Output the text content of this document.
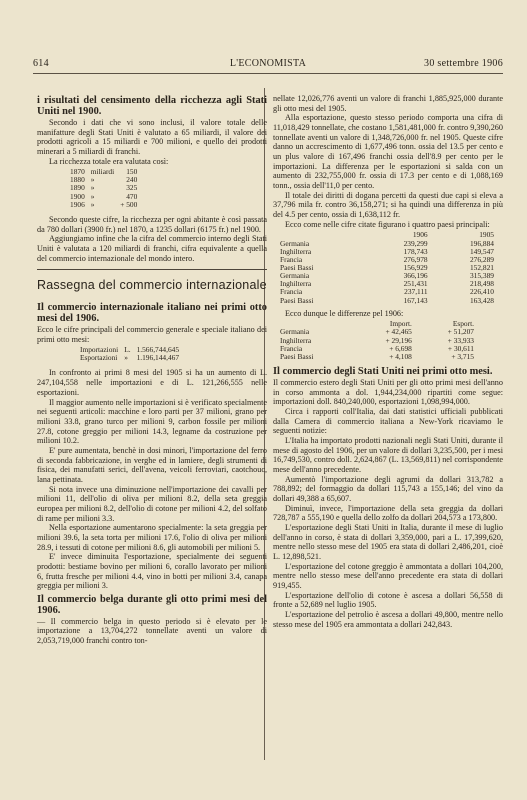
614	L'ECONOMISTA	30 settembre 1906

i risultati del censimento della ricchezza agli Stati Uniti nel 1900.

Secondo i dati che vi sono inclusi, il valore totale delle manifatture degli Stati Uniti è valutato a 65 miliardi, il valore dei prodotti agricoli a 15 miliardi e 700 milioni, e quello dei prodotti minerari a 5 miliardi di franchi.

La ricchezza totale era valutata così:

1870	miliardi	150
1880	»	240
1890	»	325
1900	»	470
1906	»	+ 500

Secondo queste cifre, la ricchezza per ogni abitante è così passata da 780 dollari (3900 fr.) nel 1870, a 1235 dollari (6175 fr.) nel 1900.

Aggiungiamo infine che la cifra del commercio interno degli Stati Uniti è valutata a 120 miliardi di franchi, cifra equivalente a quella del commercio internazionale del mondo intero.

Rassegna del commercio internazionale

Il commercio internazionale italiano nei primi otto mesi del 1906.

Ecco le cifre principali del commercio generale e speciale italiano dei primi otto mesi:

Importazioni	L.	1.566,744,645
Esportazioni	»	1.196,144,467

In confronto ai primi 8 mesi del 1905 si ha un aumento di L. 247,104,558 nelle importazioni e di L. 121,266,555 nelle esportazioni.

Il maggior aumento nelle importazioni si è verificato specialmente nei seguenti articoli: macchine e loro parti per 37 milioni, grano per milioni 33.8, grano turco per milioni 9, carbon fossile per milioni 27.8, cotone greggio per milioni 14.3, legname da costruzione per milioni 10.2.

E' pure aumentata, benchè in dosi minori, l'importazione del ferro di seconda fabbricazione, in verghe ed in lamiere, degli strumenti di fisica, dei manufatti serici, dell'avena, veicoli ferroviari, caotchouc, lana pettinata.

Si nota invece una diminuzione nell'importazione dei cavalli per milioni 11, dell'olio di oliva per milioni 8.2, della seta greggia europea per milioni 8.2, dell'olio di cotone per milioni 4.2, del solfato di rame per milioni 3.3.

Nella esportazione aumentarono specialmente: la seta greggia per milioni 39.6, la seta torta per milioni 17.6, l'olio di oliva per milioni 28.9, i tessuti di cotone per milioni 8.6, gli automobili per milioni 5.

E' invece diminuita l'esportazione, specialmente dei seguenti prodotti: bestiame bovino per milioni 6, corallo lavorato per milioni 6, frutta fresche per milioni 4.4, vino in botti per milioni 3.4, canapa greggia per milioni 3.

Il commercio belga durante gli otto primi mesi del 1906.

— Il commercio belga in questo periodo si è elevato per le importazione a 13,704,272 tonnellate aventi un valore di 2,053,719,000 franchi contro ton-

nellate 12,026,776 aventi un valore di franchi 1,885,925,000 durante gli otto mesi del 1905.

Alla esportazione, questo stesso periodo comporta una cifra di 11,018,429 tonnellate, che costano 1,581,481,000 fr. contro 9,390,260 tonnellate aventi un valore di 1,348,726,000 fr. nel 1905. Queste cifre danno un accrescimento di 1,677,496 tonn. ossia del 13.5 per cento e un plus valore di 167,496 franchi ossia dell'8.9 per cento per le importazioni. La differenza per le esportazioni si salda con un aumento di 232,755,000 fr. ossia di 17.3 per cento e di 1,088,169 tonn., ossia dell'11,0 per cento.

Il totale dei diritti di dogana percetti da questi due capi si eleva a 37,796 mila fr. contro 36,158,271; si ha quindi una differenza in più del 4.5 per cento, ossia di 1,638,112 fr.

Ecco come nelle cifre citate figurano i quattro paesi principali:

	1906	1905
Germania	239,299	196,884
Inghilterra	178,743	149,547
Francia	276,978	276,289
Paesi Bassi	156,929	152,821
Germania	366,196	315,389
Inghilterra	251,431	218,498
Francia	237,111	226,410
Paesi Bassi	167,143	163,428

Ecco dunque le differenze pel 1906:

	Import.	Esport.
Germania	+ 42,465	+ 51,207
Inghilterra	+ 29,196	+ 33,933
Francia	+ 6,698	+ 30,611
Paesi Bassi	+ 4,108	+ 3,715

Il commercio degli Stati Uniti nei primi otto mesi.

Il commercio estero degli Stati Uniti per gli otto primi mesi dell'anno in corso ammonta a dol. 1,944,234,000 ripartiti come segue: importazioni doll. 840,240,000, esportazioni 1,098,994,000.

Circa i rapporti coll'Italia, dai dati statistici ufficiali pubblicati dalla Camera di commercio italiana a New-York ricaviamo le seguenti notizie:

L'Italia ha importato prodotti nazionali negli Stati Uniti, durante il mese di agosto del 1906, per un valore di dollari 3,235,500, per i mesi 16,749,530, contro doll. 2,624,867 (L. 13,569,811) nel corrispondente mese dell'anno precedente.

Aumentò l'importazione degli agrumi da dollari 313,782 a 788,892; del formaggio da dollari 115,743 a 155,146; del vino da dollari 49,388 a 65,607.

Diminuì, invece, l'importazione della seta greggia da dollari 728,787 a 555,190 e quella dello zolfo da dollari 204,573 a 173,800.

L'esportazione degli Stati Uniti in Italia, durante il mese di luglio dell'anno in corso, è stata di dollari 3,359,000, pari a L. 17,399,620, mentre nello stesso mese del 1905 era stata di dollari 2,486,201, cioè L. 12,898,521.

L'esportazione del cotone greggio è ammontata a dollari 104,200, mentre nello stesso mese dell'anno precedente era stata di dollari 919,455.

L'esportazione dell'olio di cotone è ascesa a dollari 56,558 di fronte a 52,689 nel luglio 1905.

L'esportazione del petrolio è ascesa a dollari 49,800, mentre nello stesso mese del 1905 era ammontata a dollari 242,843.
